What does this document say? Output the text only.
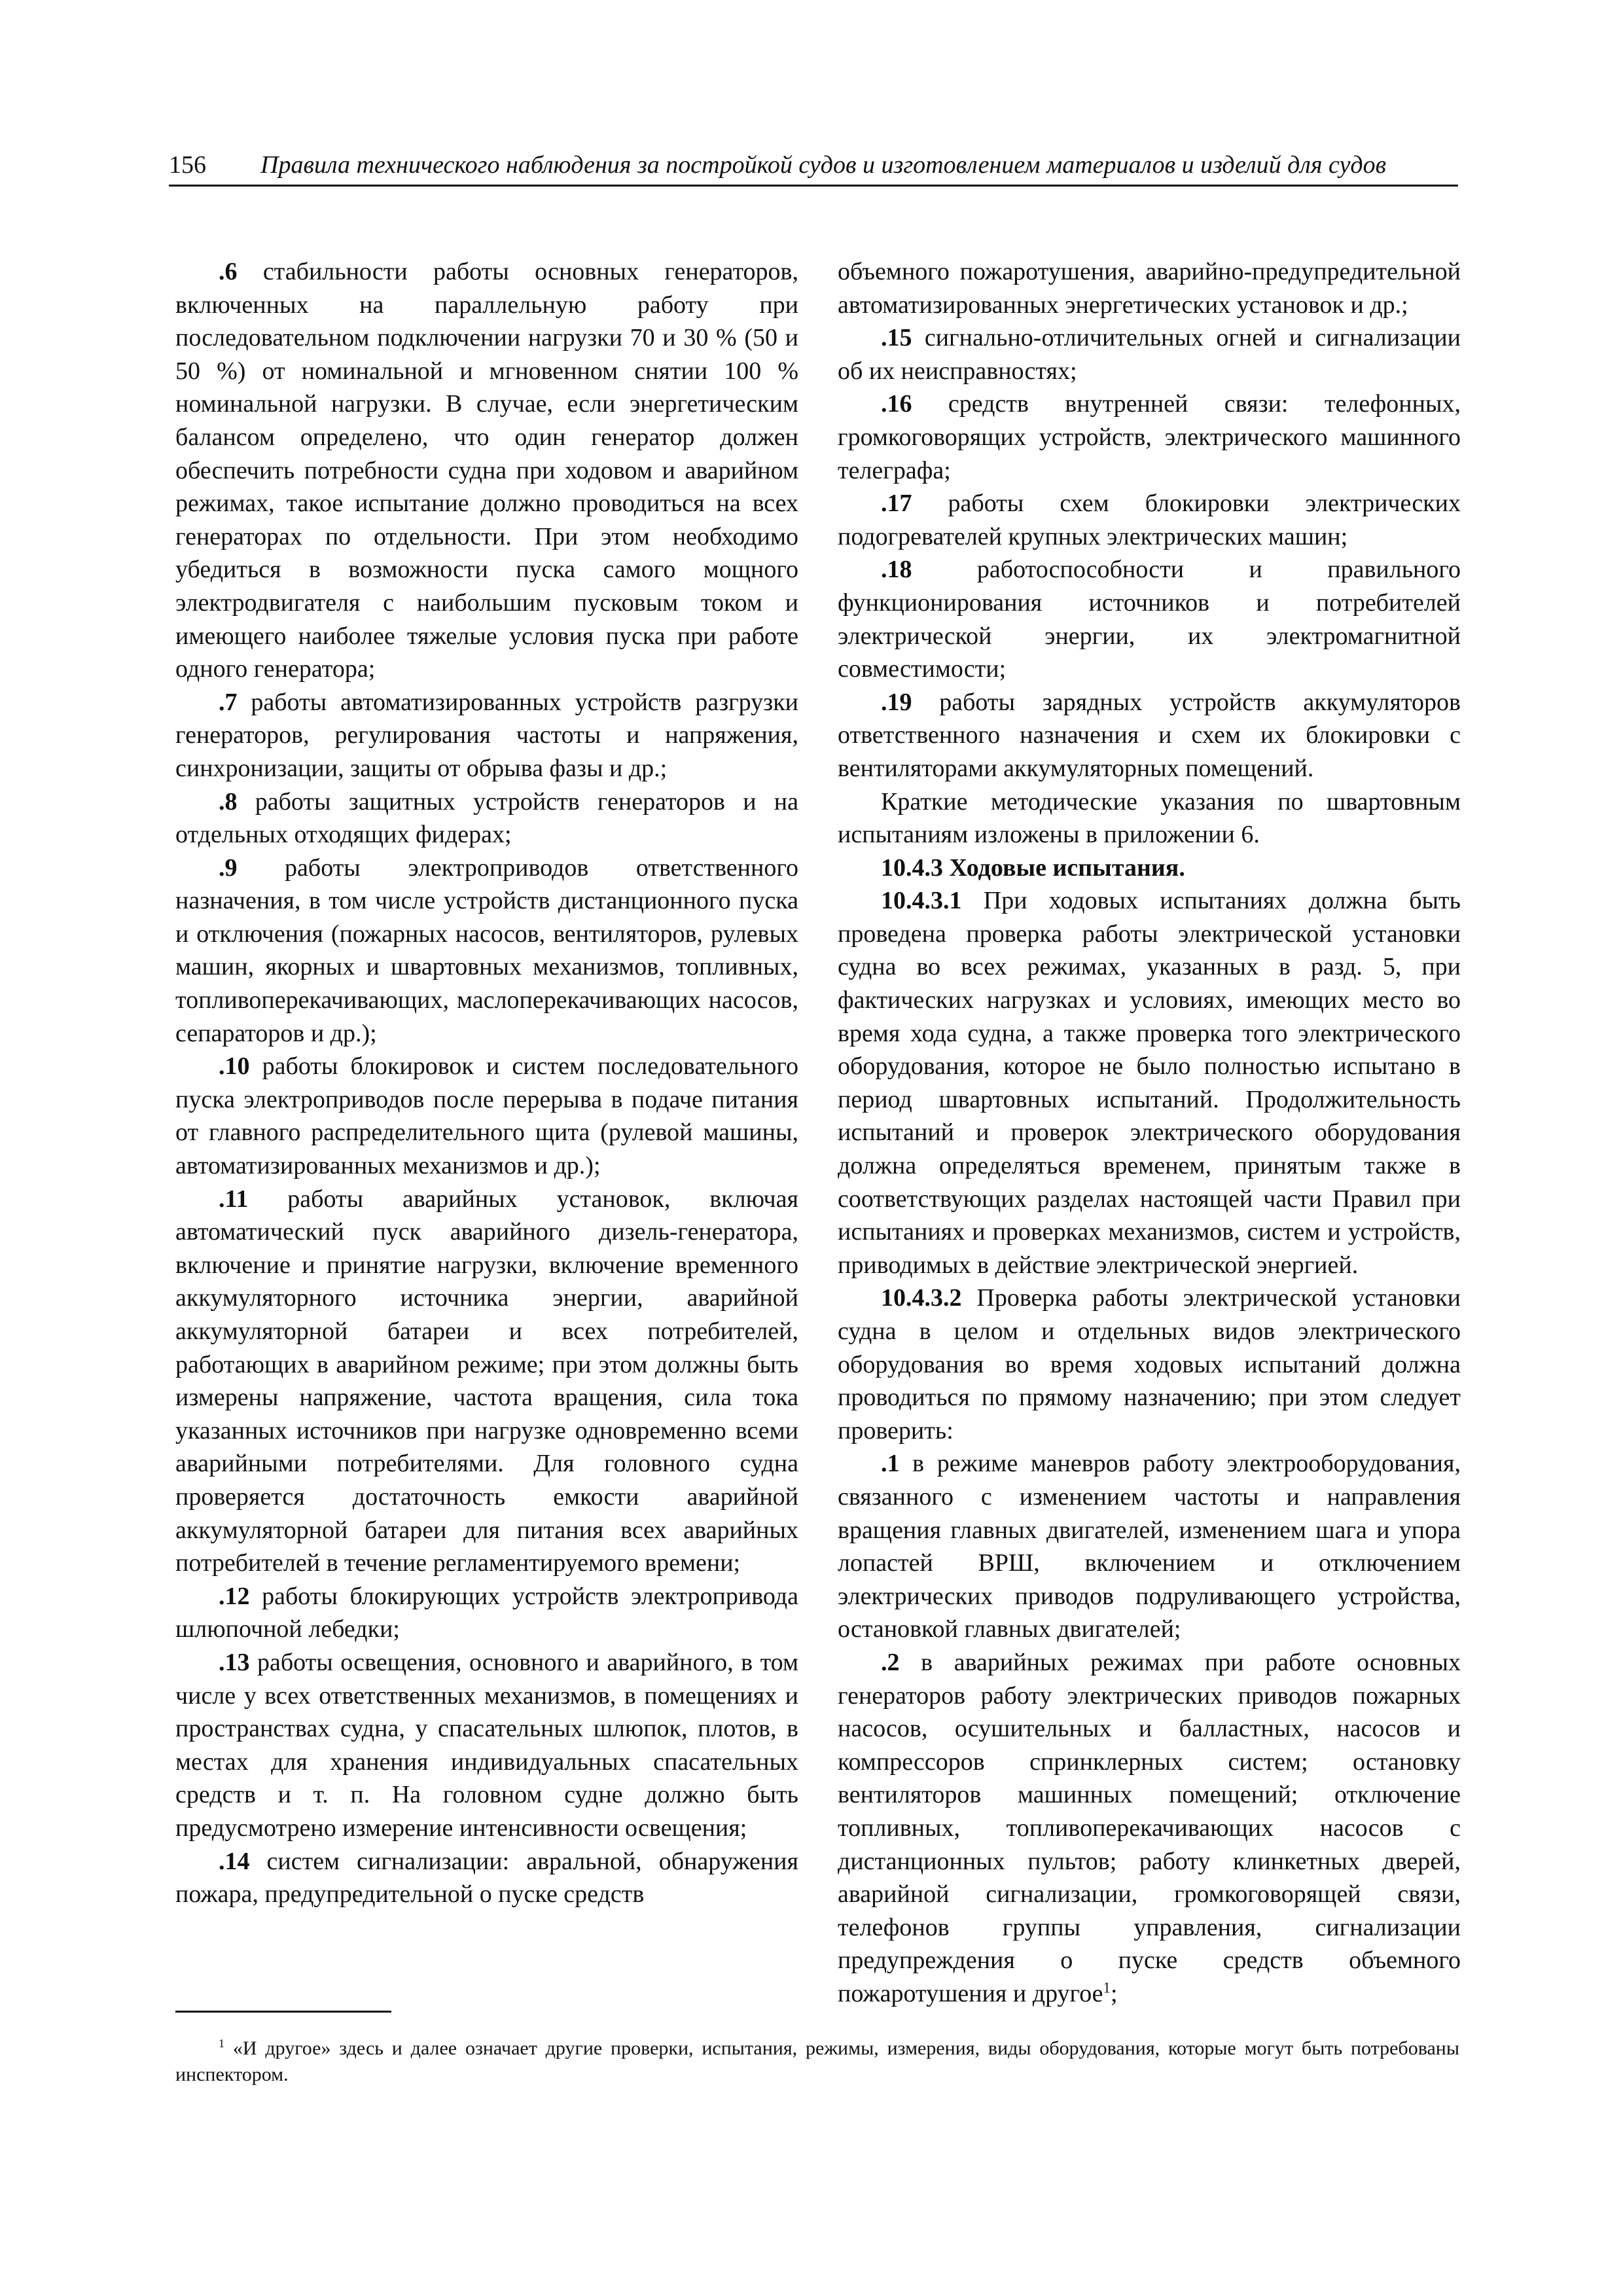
156 Правила технического наблюдения за постройкой судов и изготовлением материалов и изделий для судов

.6 стабильности работы основных генераторов, включенных на параллельную работу при последовательном подключении нагрузки 70 и 30 % (50 и 50 %) от номинальной и мгновенном снятии 100 % номинальной нагрузки. В случае, если энергетическим балансом определено, что один генератор должен обеспечить потребности судна при ходовом и аварийном режимах, такое испытание должно проводиться на всех генераторах по отдельности. При этом необходимо убедиться в возможности пуска самого мощного электродвигателя с наибольшим пусковым током и имеющего наиболее тяжелые условия пуска при работе одного генератора;

.7 работы автоматизированных устройств разгрузки генераторов, регулирования частоты и напряжения, синхронизации, защиты от обрыва фазы и др.;

.8 работы защитных устройств генераторов и на отдельных отходящих фидерах;

.9 работы электроприводов ответственного назначения, в том числе устройств дистанционного пуска и отключения (пожарных насосов, вентиляторов, рулевых машин, якорных и швартовных механизмов, топливных, топливоперекачивающих, маслоперекачивающих насосов, сепараторов и др.);

.10 работы блокировок и систем последовательного пуска электроприводов после перерыва в подаче питания от главного распределительного щита (рулевой машины, автоматизированных механизмов и др.);

.11 работы аварийных установок, включая автоматический пуск аварийного дизель-генератора, включение и принятие нагрузки, включение временного аккумуляторного источника энергии, аварийной аккумуляторной батареи и всех потребителей, работающих в аварийном режиме; при этом должны быть измерены напряжение, частота вращения, сила тока указанных источников при нагрузке одновременно всеми аварийными потребителями. Для головного судна проверяется достаточность емкости аварийной аккумуляторной батареи для питания всех аварийных потребителей в течение регламентируемого времени;

.12 работы блокирующих устройств электропривода шлюпочной лебедки;

.13 работы освещения, основного и аварийного, в том числе у всех ответственных механизмов, в помещениях и пространствах судна, у спасательных шлюпок, плотов, в местах для хранения индивидуальных спасательных средств и т. п. На головном судне должно быть предусмотрено измерение интенсивности освещения;

.14 систем сигнализации: авральной, обнаружения пожара, предупредительной о пуске средств

объемного пожаротушения, аварийно-предупредительной автоматизированных энергетических установок и др.;

.15 сигнально-отличительных огней и сигнализации об их неисправностях;

.16 средств внутренней связи: телефонных, громкоговорящих устройств, электрического машинного телеграфа;

.17 работы схем блокировки электрических подогревателей крупных электрических машин;

.18 работоспособности и правильного функционирования источников и потребителей электрической энергии, их электромагнитной совместимости;

.19 работы зарядных устройств аккумуляторов ответственного назначения и схем их блокировки с вентиляторами аккумуляторных помещений.

Краткие методические указания по швартовным испытаниям изложены в приложении 6.

10.4.3 Ходовые испытания.

10.4.3.1 При ходовых испытаниях должна быть проведена проверка работы электрической установки судна во всех режимах, указанных в разд. 5, при фактических нагрузках и условиях, имеющих место во время хода судна, а также проверка того электрического оборудования, которое не было полностью испытано в период швартовных испытаний. Продолжительность испытаний и проверок электрического оборудования должна определяться временем, принятым также в соответствующих разделах настоящей части Правил при испытаниях и проверках механизмов, систем и устройств, приводимых в действие электрической энергией.

10.4.3.2 Проверка работы электрической установки судна в целом и отдельных видов электрического оборудования во время ходовых испытаний должна проводиться по прямому назначению; при этом следует проверить:

.1 в режиме маневров работу электрооборудования, связанного с изменением частоты и направления вращения главных двигателей, изменением шага и упора лопастей ВРШ, включением и отключением электрических приводов подруливающего устройства, остановкой главных двигателей;

.2 в аварийных режимах при работе основных генераторов работу электрических приводов пожарных насосов, осушительных и балластных, насосов и компрессоров спринклерных систем; остановку вентиляторов машинных помещений; отключение топливных, топливоперекачивающих насосов с дистанционных пультов; работу клинкетных дверей, аварийной сигнализации, громкоговорящей связи, телефонов группы управления, сигнализации предупреждения о пуске средств объемного пожаротушения и другое$^1$;

$^1$ «И другое» здесь и далее означает другие проверки, испытания, режимы, измерения, виды оборудования, которые могут быть потребованы инспектором.
